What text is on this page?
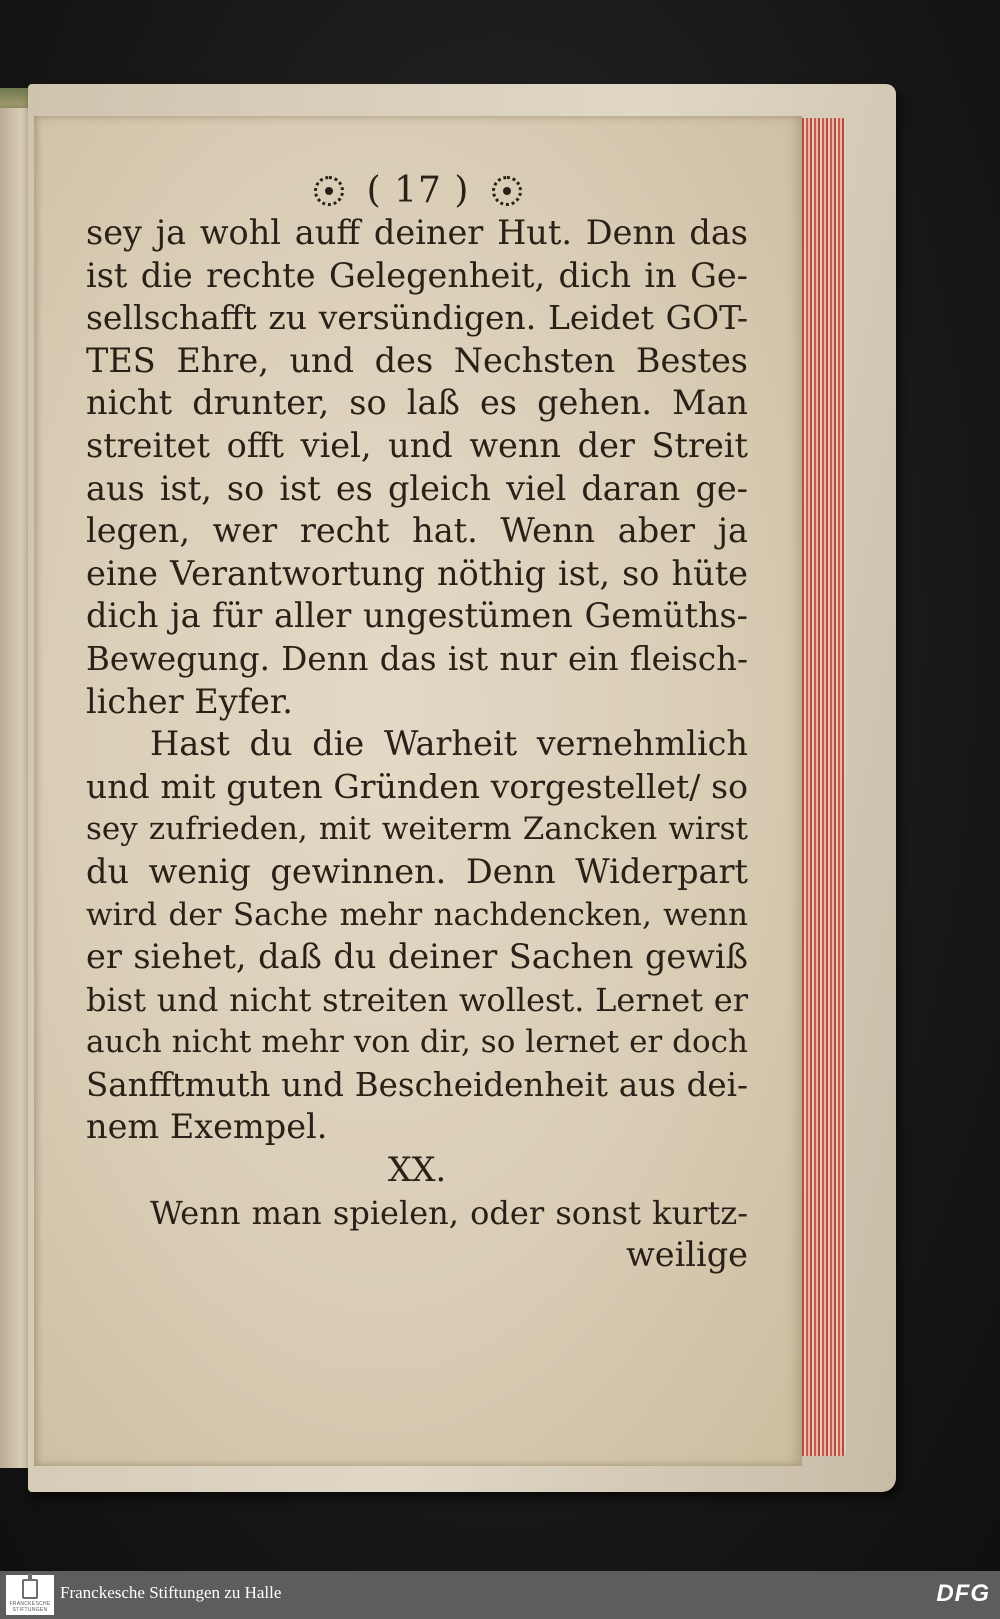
( 17 )
sey ja wohl auff deiner Hut. Denn das
ist die rechte Gelegenheit, dich in Ge-
sellschafft zu versündigen. Leidet GOT-
TES Ehre, und des Nechsten Bestes
nicht drunter, so laß es gehen. Man
streitet offt viel, und wenn der Streit
aus ist, so ist es gleich viel daran ge-
legen, wer recht hat. Wenn aber ja
eine Verantwortung nöthig ist, so hüte
dich ja für aller ungestümen Gemüths-
Bewegung. Denn das ist nur ein fleisch-
licher Eyfer.
Hast du die Warheit vernehmlich
und mit guten Gründen vorgestellet/ so
sey zufrieden, mit weiterm Zancken wirst
du wenig gewinnen. Denn Widerpart
wird der Sache mehr nachdencken, wenn
er siehet, daß du deiner Sachen gewiß
bist und nicht streiten wollest. Lernet er
auch nicht mehr von dir, so lernet er doch
Sanfftmuth und Bescheidenheit aus dei-
nem Exempel.
XX.
Wenn man spielen, oder sonst kurtz-
weilige
FRANCKESCHE STIFTUNGEN
Franckesche Stiftungen zu Halle	DFG
